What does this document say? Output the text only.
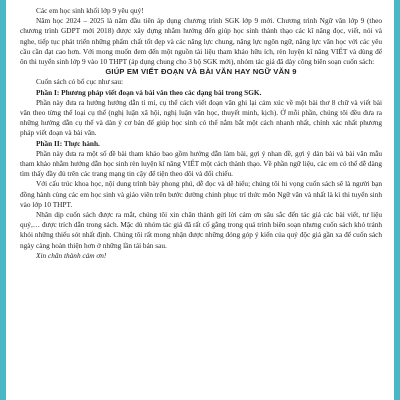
Các em học sinh khối lớp 9 yêu quý!

Năm học 2024 – 2025 là năm đầu tiên áp dụng chương trình SGK lớp 9 mới. Chương trình Ngữ văn lớp 9 (theo chương trình GDPT mới 2018) được xây dựng nhằm hướng đến giúp học sinh thành thạo các kĩ năng đọc, viết, nói và nghe, tiếp tục phát triển những phẩm chất tốt đẹp và các năng lực chung, năng lực ngôn ngữ, năng lực văn học với các yêu cầu cần đạt cao hơn. Với mong muốn đem đến một nguồn tài liệu tham khảo hữu ích, rèn luyện kĩ năng VIẾT và dùng để ôn thi tuyển sinh lớp 9 vào 10 THPT (áp dụng chung cho 3 bộ SGK mới), nhóm tác giả đã dày công biên soạn cuốn sách:

GIÚP EM VIẾT ĐOẠN VÀ BÀI VĂN HAY NGỮ VĂN 9

Cuốn sách có bố cục như sau:

Phần I: Phương pháp viết đoạn và bài văn theo các dạng bài trong SGK.

Phần này đưa ra hướng hướng dẫn tỉ mỉ, cụ thể cách viết đoạn văn ghi lại cảm xúc về một bài thơ 8 chữ và viết bài văn theo từng thể loại cụ thể (nghị luận xã hội, nghị luận văn học, thuyết minh, kịch). Ở mỗi phần, chúng tôi đều đưa ra những hướng dẫn cụ thể và dàn ý cơ bản để giúp học sinh có thể nắm bắt một cách nhanh nhất, chính xác nhất phương pháp viết đoạn và bài văn.

Phần II: Thực hành.

Phần này đưa ra một số đề bài tham khảo bao gồm hướng dẫn làm bài, gợi ý nhan đề, gợi ý dàn bài và bài văn mẫu tham khảo nhằm hướng dẫn học sinh rèn luyện kĩ năng VIẾT một cách thành thạo. Về phần ngữ liệu, các em có thể dễ dàng tìm thấy đầy đủ trên các trang mạng tin cậy để tiện theo dõi và đối chiếu.

Với cấu trúc khoa học, nội dung trình bày phong phú, dễ đọc và dễ hiểu; chúng tôi hi vọng cuốn sách sẽ là người bạn đồng hành cùng các em học sinh và giáo viên trên bước đường chinh phục trí thức môn Ngữ văn và nhất là kì thi tuyển sinh vào lớp 10 THPT.

Nhân dịp cuốn sách được ra mắt, chúng tôi xin chân thành gửi lời cảm ơn sâu sắc đến tác giả các bài viết, tư liệu quý,… được trích dẫn trong sách. Mặc dù nhóm tác giả đã rất cố gắng trong quá trình biên soạn nhưng cuốn sách khó tránh khỏi những thiếu sót nhất định. Chúng tôi rất mong nhận được những đóng góp ý kiến của quý độc giả gần xa để cuốn sách ngày càng hoàn thiện hơn ở những lần tái bản sau.

Xin chân thành cảm ơn!
